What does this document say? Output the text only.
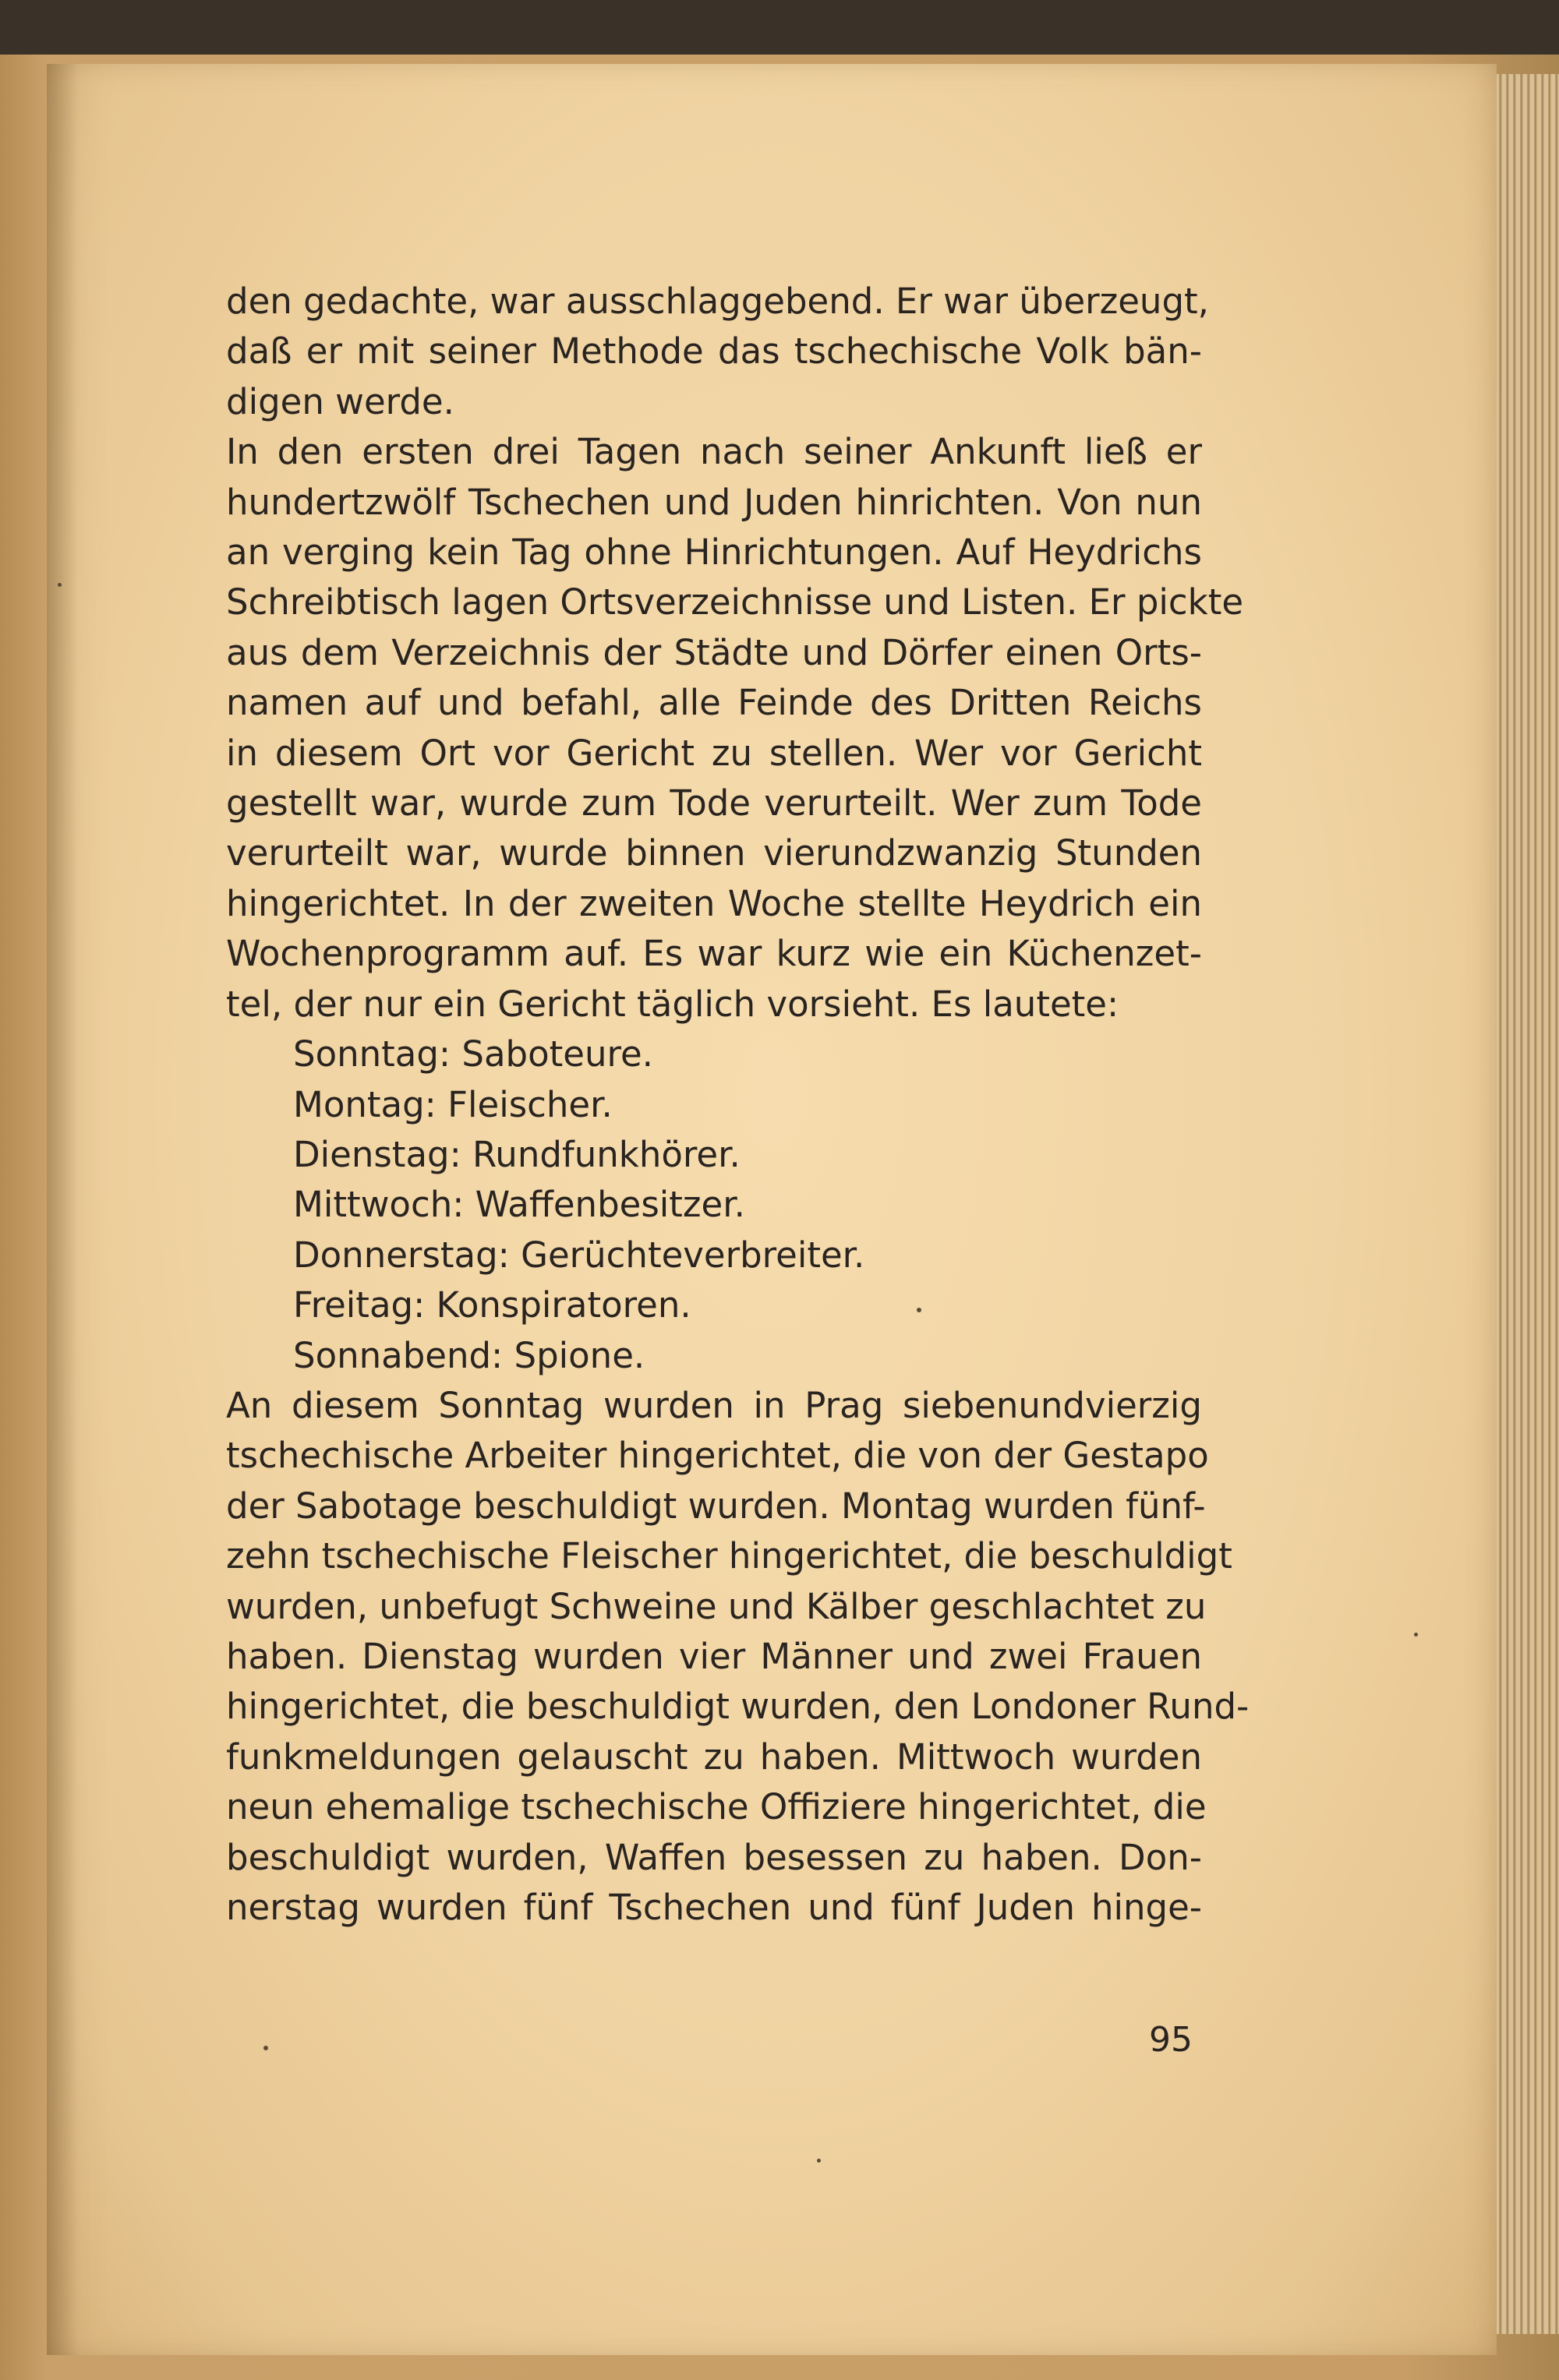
den gedachte, war ausschlaggebend. Er war überzeugt,
daß er mit seiner Methode das tschechische Volk bän-
digen werde.
In den ersten drei Tagen nach seiner Ankunft ließ er
hundertzwölf Tschechen und Juden hinrichten. Von nun
an verging kein Tag ohne Hinrichtungen. Auf Heydrichs
Schreibtisch lagen Ortsverzeichnisse und Listen. Er pickte
aus dem Verzeichnis der Städte und Dörfer einen Orts-
namen auf und befahl, alle Feinde des Dritten Reichs
in diesem Ort vor Gericht zu stellen. Wer vor Gericht
gestellt war, wurde zum Tode verurteilt. Wer zum Tode
verurteilt war, wurde binnen vierundzwanzig Stunden
hingerichtet. In der zweiten Woche stellte Heydrich ein
Wochenprogramm auf. Es war kurz wie ein Küchenzet-
tel, der nur ein Gericht täglich vorsieht. Es lautete:
Sonntag: Saboteure.
Montag: Fleischer.
Dienstag: Rundfunkhörer.
Mittwoch: Waffenbesitzer.
Donnerstag: Gerüchteverbreiter.
Freitag: Konspiratoren.
Sonnabend: Spione.
An diesem Sonntag wurden in Prag siebenundvierzig
tschechische Arbeiter hingerichtet, die von der Gestapo
der Sabotage beschuldigt wurden. Montag wurden fünf-
zehn tschechische Fleischer hingerichtet, die beschuldigt
wurden, unbefugt Schweine und Kälber geschlachtet zu
haben. Dienstag wurden vier Männer und zwei Frauen
hingerichtet, die beschuldigt wurden, den Londoner Rund-
funkmeldungen gelauscht zu haben. Mittwoch wurden
neun ehemalige tschechische Offiziere hingerichtet, die
beschuldigt wurden, Waffen besessen zu haben. Don-
nerstag wurden fünf Tschechen und fünf Juden hinge-
95
